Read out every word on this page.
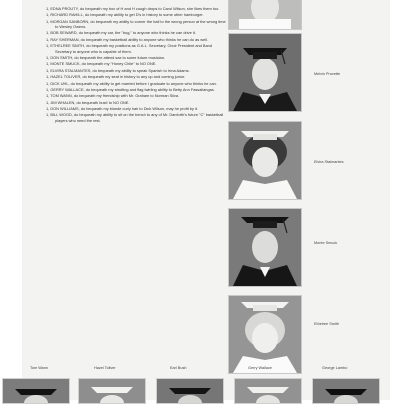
1, EDNA PROUTY, do bequeath my box of H and H cough drops to Carol Wilson, she likes them too.
1, RICHARD RAHILL, do bequeath my ability to get D's in history to some other hamburger.
1, MORGAN SANBORN, do bequeath my ability to corner the ball to the wrong person at the wrong time to Wesley Owens.
1, BOB SEWARD, do bequeath my car, the "bug," to anyone who thinks he can drive it.
1, RAY SHERMAN, do bequeath my basketball ability to anyone who thinks he can do as well.
1, ETHELREE SMITH, do bequeath my positions as G.A.L. Secretary, Choir President and Band Secretary to anyone who is capable of them.
1, DON SMITH, do bequeath the attend sax to some future musician.
1, MONTE SMUCK, do bequeath my "Honey Chile" to NO ONE.
1, ELVIRA STALMANTES, do bequeath my ability to speak Spanish to Irma Adams.
1, HAZEL TOLIVER, do bequeath my seat in history to any up and coming junior.
1, DICK UHL, do bequeath my ability to get married before I graduate to anyone who thinks he can.
1, GERRY WALLACE, do bequeath my strutting and flag twirling ability to Betty Ann Fassaliangas.
1, TOM WANN, do bequeath my friendship with Mr. Graham to Norman Silva.
1, JIM WHALEN, do bequeath bust! to NO ONE.
1, DON WILLIAMS, do bequeath my blonde curly hair to Dick Wilson, may he profit by it.
1, BILL WOOD, do bequeath my ability to sit on the bench to any of Mr. Danforth's future "C" basketball players who need the rest.
Melvin Pruvette
Elvira Stalmantes
Monte Smuck
Ethelree Smith
Tom Wann	Hazel Toliver	Earl Bush	Gerry Wallace	George Lambo
